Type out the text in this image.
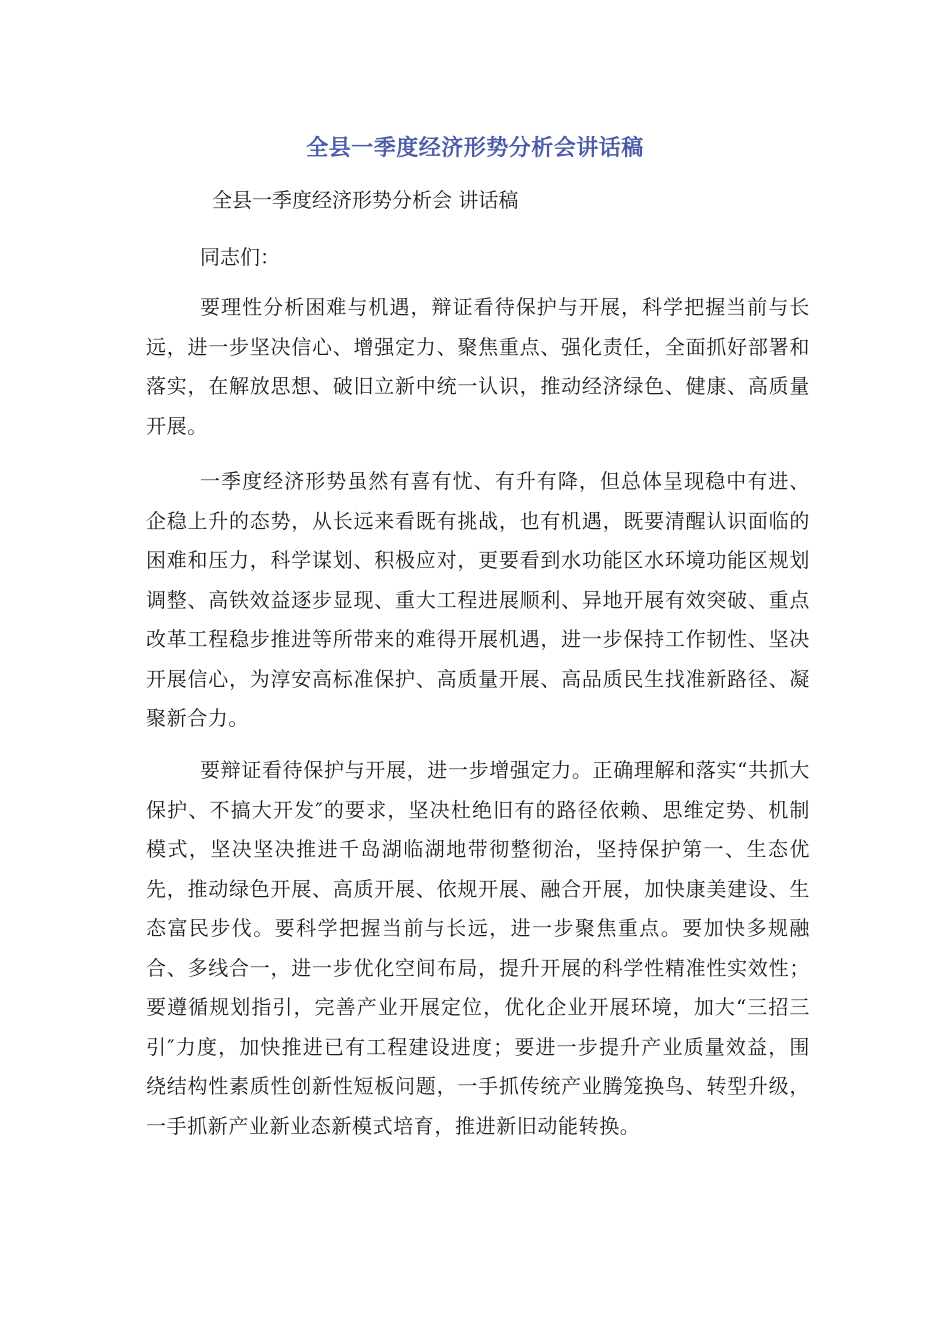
全县一季度经济形势分析会讲话稿
全县一季度经济形势分析会 讲话稿
同志们：

要理性分析困难与机遇，辩证看待保护与开展，科学把握当前与长远，进一步坚决信心、增强定力、聚焦重点、强化责任，全面抓好部署和落实，在解放思想、破旧立新中统一认识，推动经济绿色、健康、高质量开展。

一季度经济形势虽然有喜有忧、有升有降，但总体呈现稳中有进、企稳上升的态势，从长远来看既有挑战，也有机遇，既要清醒认识面临的困难和压力，科学谋划、积极应对，更要看到水功能区水环境功能区规划调整、高铁效益逐步显现、重大工程进展顺利、异地开展有效突破、重点改革工程稳步推进等所带来的难得开展机遇，进一步保持工作韧性、坚决开展信心，为淳安高标准保护、高质量开展、高品质民生找准新路径、凝聚新合力。

要辩证看待保护与开展，进一步增强定力。正确理解和落实“共抓大保护、不搞大开发″的要求，坚决杜绝旧有的路径依赖、思维定势、机制模式，坚决坚决推进千岛湖临湖地带彻整彻治，坚持保护第一、生态优先，推动绿色开展、高质开展、依规开展、融合开展，加快康美建设、生态富民步伐。要科学把握当前与长远，进一步聚焦重点。要加快多规融合、多线合一，进一步优化空间布局，提升开展的科学性精准性实效性；要遵循规划指引，完善产业开展定位，优化企业开展环境，加大“三招三引″力度，加快推进已有工程建设进度；要进一步提升产业质量效益，围绕结构性素质性创新性短板问题，一手抓传统产业腾笼换鸟、转型升级，一手抓新产业新业态新模式培育，推进新旧动能转换。
